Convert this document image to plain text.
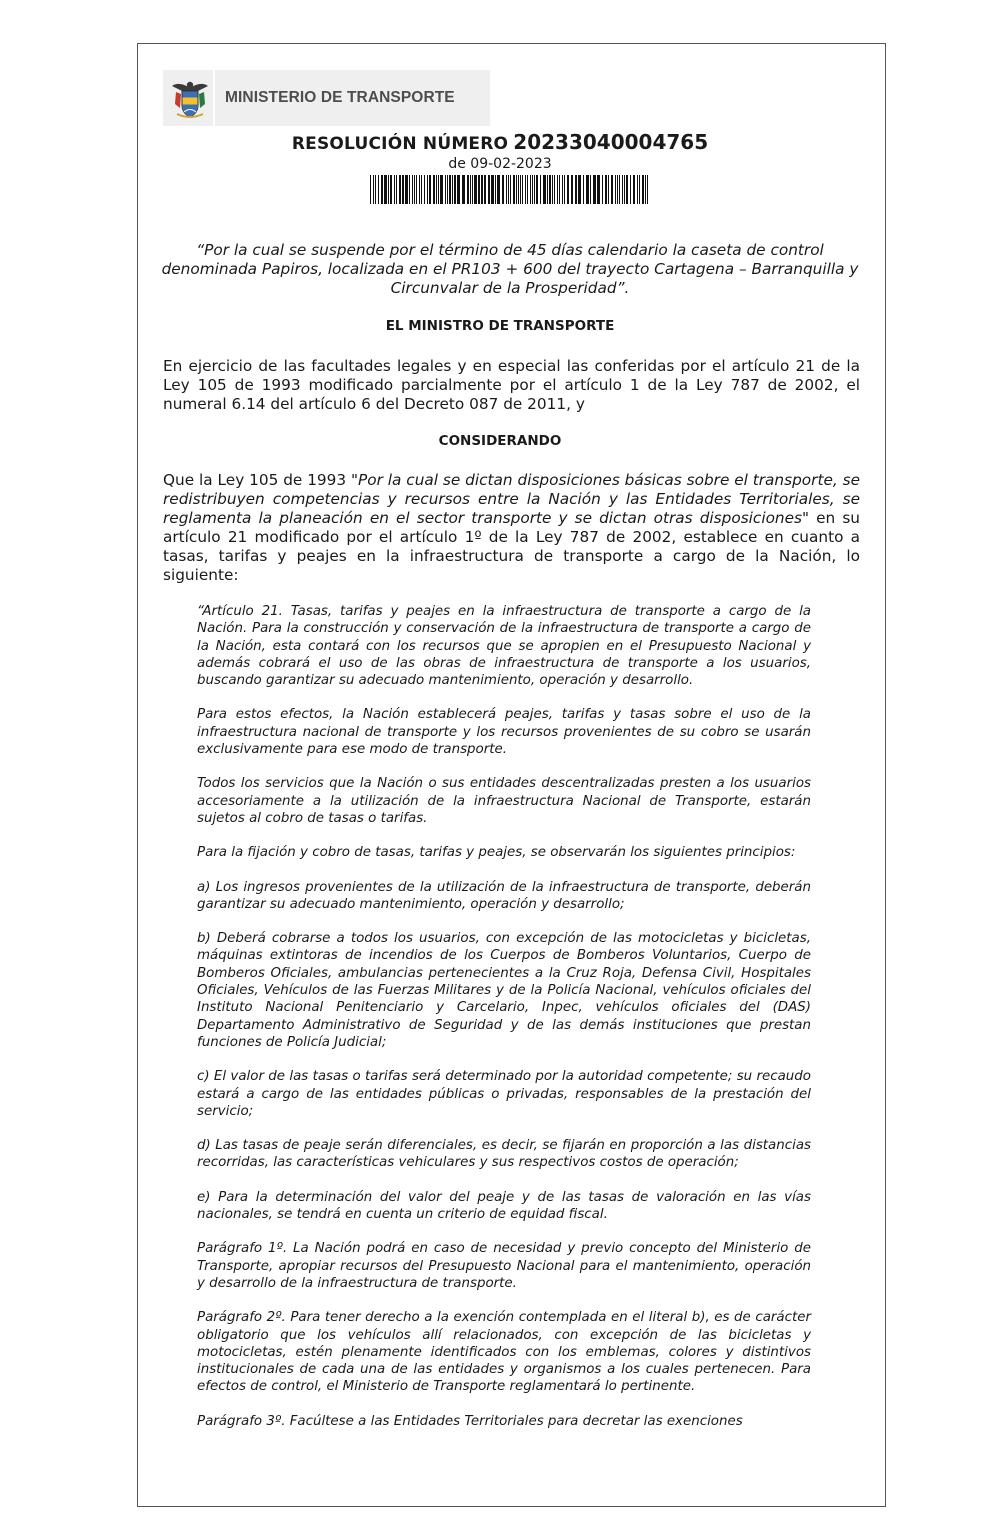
MINISTERIO DE TRANSPORTE
RESOLUCIÓN NÚMERO 20233040004765
de 09-02-2023
“Por la cual se suspende por el término de 45 días calendario la caseta de control denominada Papiros, localizada en el PR103 + 600 del trayecto Cartagena – Barranquilla y Circunvalar de la Prosperidad”.
EL MINISTRO DE TRANSPORTE
En ejercicio de las facultades legales y en especial las conferidas por el artículo 21 de la Ley 105 de 1993 modificado parcialmente por el artículo 1 de la Ley 787 de 2002, el numeral 6.14 del artículo 6 del Decreto 087 de 2011, y
CONSIDERANDO
Que la Ley 105 de 1993 "Por la cual se dictan disposiciones básicas sobre el transporte, se redistribuyen competencias y recursos entre la Nación y las Entidades Territoriales, se reglamenta la planeación en el sector transporte y se dictan otras disposiciones" en su artículo 21 modificado por el artículo 1º de la Ley 787 de 2002, establece en cuanto a tasas, tarifas y peajes en la infraestructura de transporte a cargo de la Nación, lo siguiente:

“Artículo 21. Tasas, tarifas y peajes en la infraestructura de transporte a cargo de la Nación. Para la construcción y conservación de la infraestructura de transporte a cargo de la Nación, esta contará con los recursos que se apropien en el Presupuesto Nacional y además cobrará el uso de las obras de infraestructura de transporte a los usuarios, buscando garantizar su adecuado mantenimiento, operación y desarrollo.

Para estos efectos, la Nación establecerá peajes, tarifas y tasas sobre el uso de la infraestructura nacional de transporte y los recursos provenientes de su cobro se usarán exclusivamente para ese modo de transporte.

Todos los servicios que la Nación o sus entidades descentralizadas presten a los usuarios accesoriamente a la utilización de la infraestructura Nacional de Transporte, estarán sujetos al cobro de tasas o tarifas.

Para la fijación y cobro de tasas, tarifas y peajes, se observarán los siguientes principios:

a) Los ingresos provenientes de la utilización de la infraestructura de transporte, deberán garantizar su adecuado mantenimiento, operación y desarrollo;

b) Deberá cobrarse a todos los usuarios, con excepción de las motocicletas y bicicletas, máquinas extintoras de incendios de los Cuerpos de Bomberos Voluntarios, Cuerpo de Bomberos Oficiales, ambulancias pertenecientes a la Cruz Roja, Defensa Civil, Hospitales Oficiales, Vehículos de las Fuerzas Militares y de la Policía Nacional, vehículos oficiales del Instituto Nacional Penitenciario y Carcelario, Inpec, vehículos oficiales del (DAS) Departamento Administrativo de Seguridad y de las demás instituciones que prestan funciones de Policía Judicial;

c) El valor de las tasas o tarifas será determinado por la autoridad competente; su recaudo estará a cargo de las entidades públicas o privadas, responsables de la prestación del servicio;

d) Las tasas de peaje serán diferenciales, es decir, se fijarán en proporción a las distancias recorridas, las características vehiculares y sus respectivos costos de operación;

e) Para la determinación del valor del peaje y de las tasas de valoración en las vías nacionales, se tendrá en cuenta un criterio de equidad fiscal.

Parágrafo 1º. La Nación podrá en caso de necesidad y previo concepto del Ministerio de Transporte, apropiar recursos del Presupuesto Nacional para el mantenimiento, operación y desarrollo de la infraestructura de transporte.

Parágrafo 2º. Para tener derecho a la exención contemplada en el literal b), es de carácter obligatorio que los vehículos allí relacionados, con excepción de las bicicletas y motocicletas, estén plenamente identificados con los emblemas, colores y distintivos institucionales de cada una de las entidades y organismos a los cuales pertenecen. Para efectos de control, el Ministerio de Transporte reglamentará lo pertinente.

Parágrafo 3º. Facúltese a las Entidades Territoriales para decretar las exenciones
